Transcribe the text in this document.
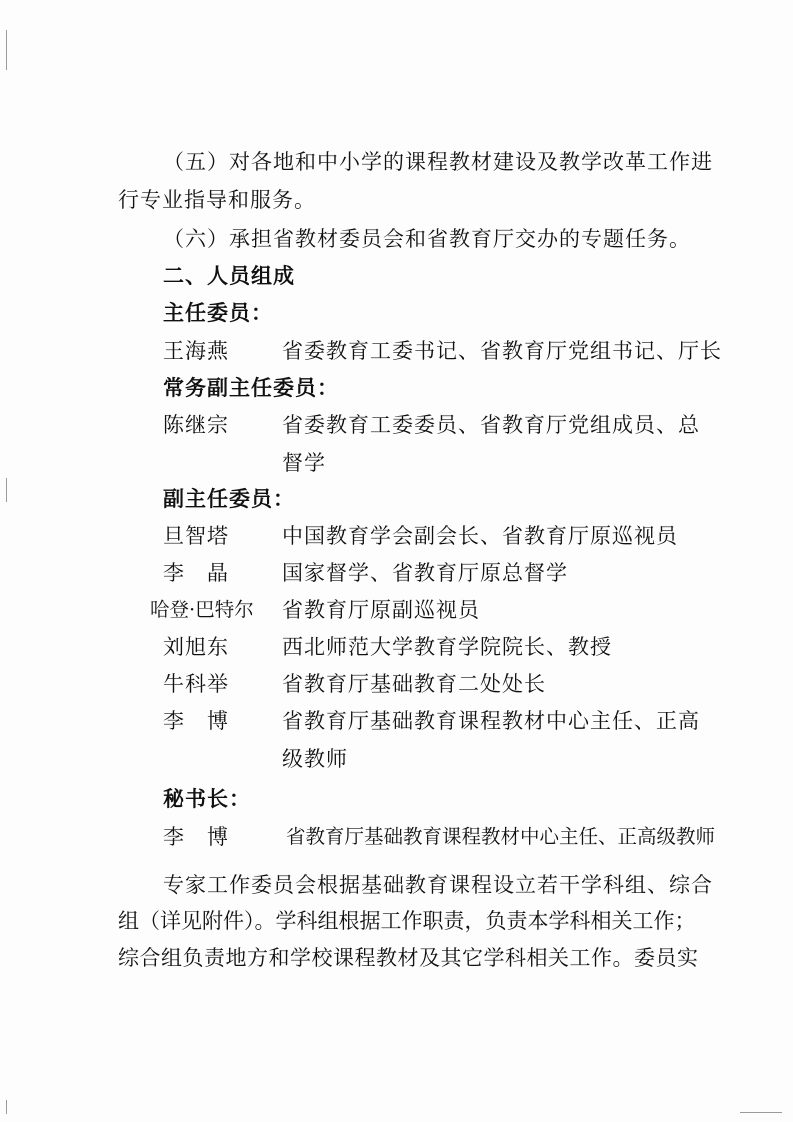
（五）对各地和中小学的课程教材建设及教学改革工作进
行专业指导和服务。
（六）承担省教材委员会和省教育厅交办的专题任务。
二、人员组成
主任委员：
王海燕	省委教育工委书记、省教育厅党组书记、厅长
常务副主任委员：
陈继宗	省委教育工委委员、省教育厅党组成员、总
督学
副主任委员：
旦智塔	中国教育学会副会长、省教育厅原巡视员
李　晶	国家督学、省教育厅原总督学
哈登·巴特尔 省教育厅原副巡视员
刘旭东	西北师范大学教育学院院长、教授
牛科举	省教育厅基础教育二处处长
李　博	省教育厅基础教育课程教材中心主任、正高
级教师
秘书长：
李　博	省教育厅基础教育课程教材中心主任、正高级教师
专家工作委员会根据基础教育课程设立若干学科组、综合
组（详见附件）。学科组根据工作职责，负责本学科相关工作；
综合组负责地方和学校课程教材及其它学科相关工作。委员实
